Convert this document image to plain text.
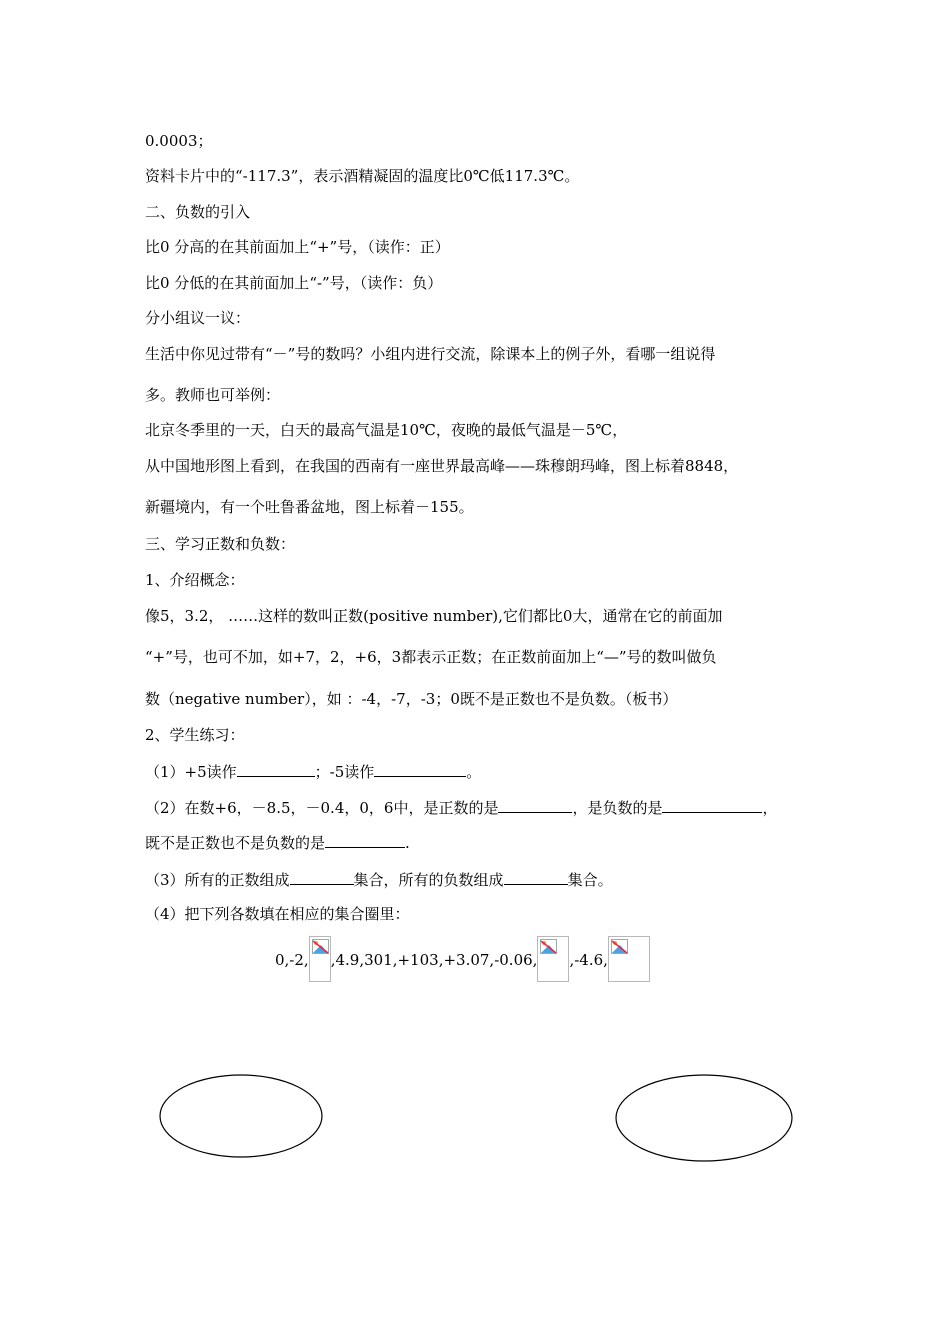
0.0003；
资料卡片中的“-117.3”，表示酒精凝固的温度比0℃低117.3℃。
二、负数的引入
比0 分高的在其前面加上“+”号，（读作：正）
比0 分低的在其前面加上“-”号，（读作：负）
分小组议一议：
生活中你见过带有“－”号的数吗？小组内进行交流，除课本上的例子外，看哪一组说得
多。教师也可举例：
北京冬季里的一天，白天的最高气温是10℃，夜晚的最低气温是－5℃，
从中国地形图上看到，在我国的西南有一座世界最高峰——珠穆朗玛峰，图上标着8848，
新疆境内，有一个吐鲁番盆地，图上标着－155。
三、学习正数和负数：
1、介绍概念：
像5，3.2， ……这样的数叫正数(positive number),它们都比0大，通常在它的前面加
“+”号，也可不加，如+7，2，+6，3都表示正数；在正数前面加上“—”号的数叫做负
数（negative number），如 ：-4，-7，-3；0既不是正数也不是负数。（板书）
2、学生练习：
（1）+5读作	；-5读作	。
（2）在数+6，－8.5，－0.4，0，6中，是正数的是	，是负数的是	，
既不是正数也不是负数的是	.
（3）所有的正数组成	集合，所有的负数组成	集合。
（4）把下列各数填在相应的集合圈里：
0,-2, ,4.9,301,+103,+3.07,-0.06, ,-4.6,
